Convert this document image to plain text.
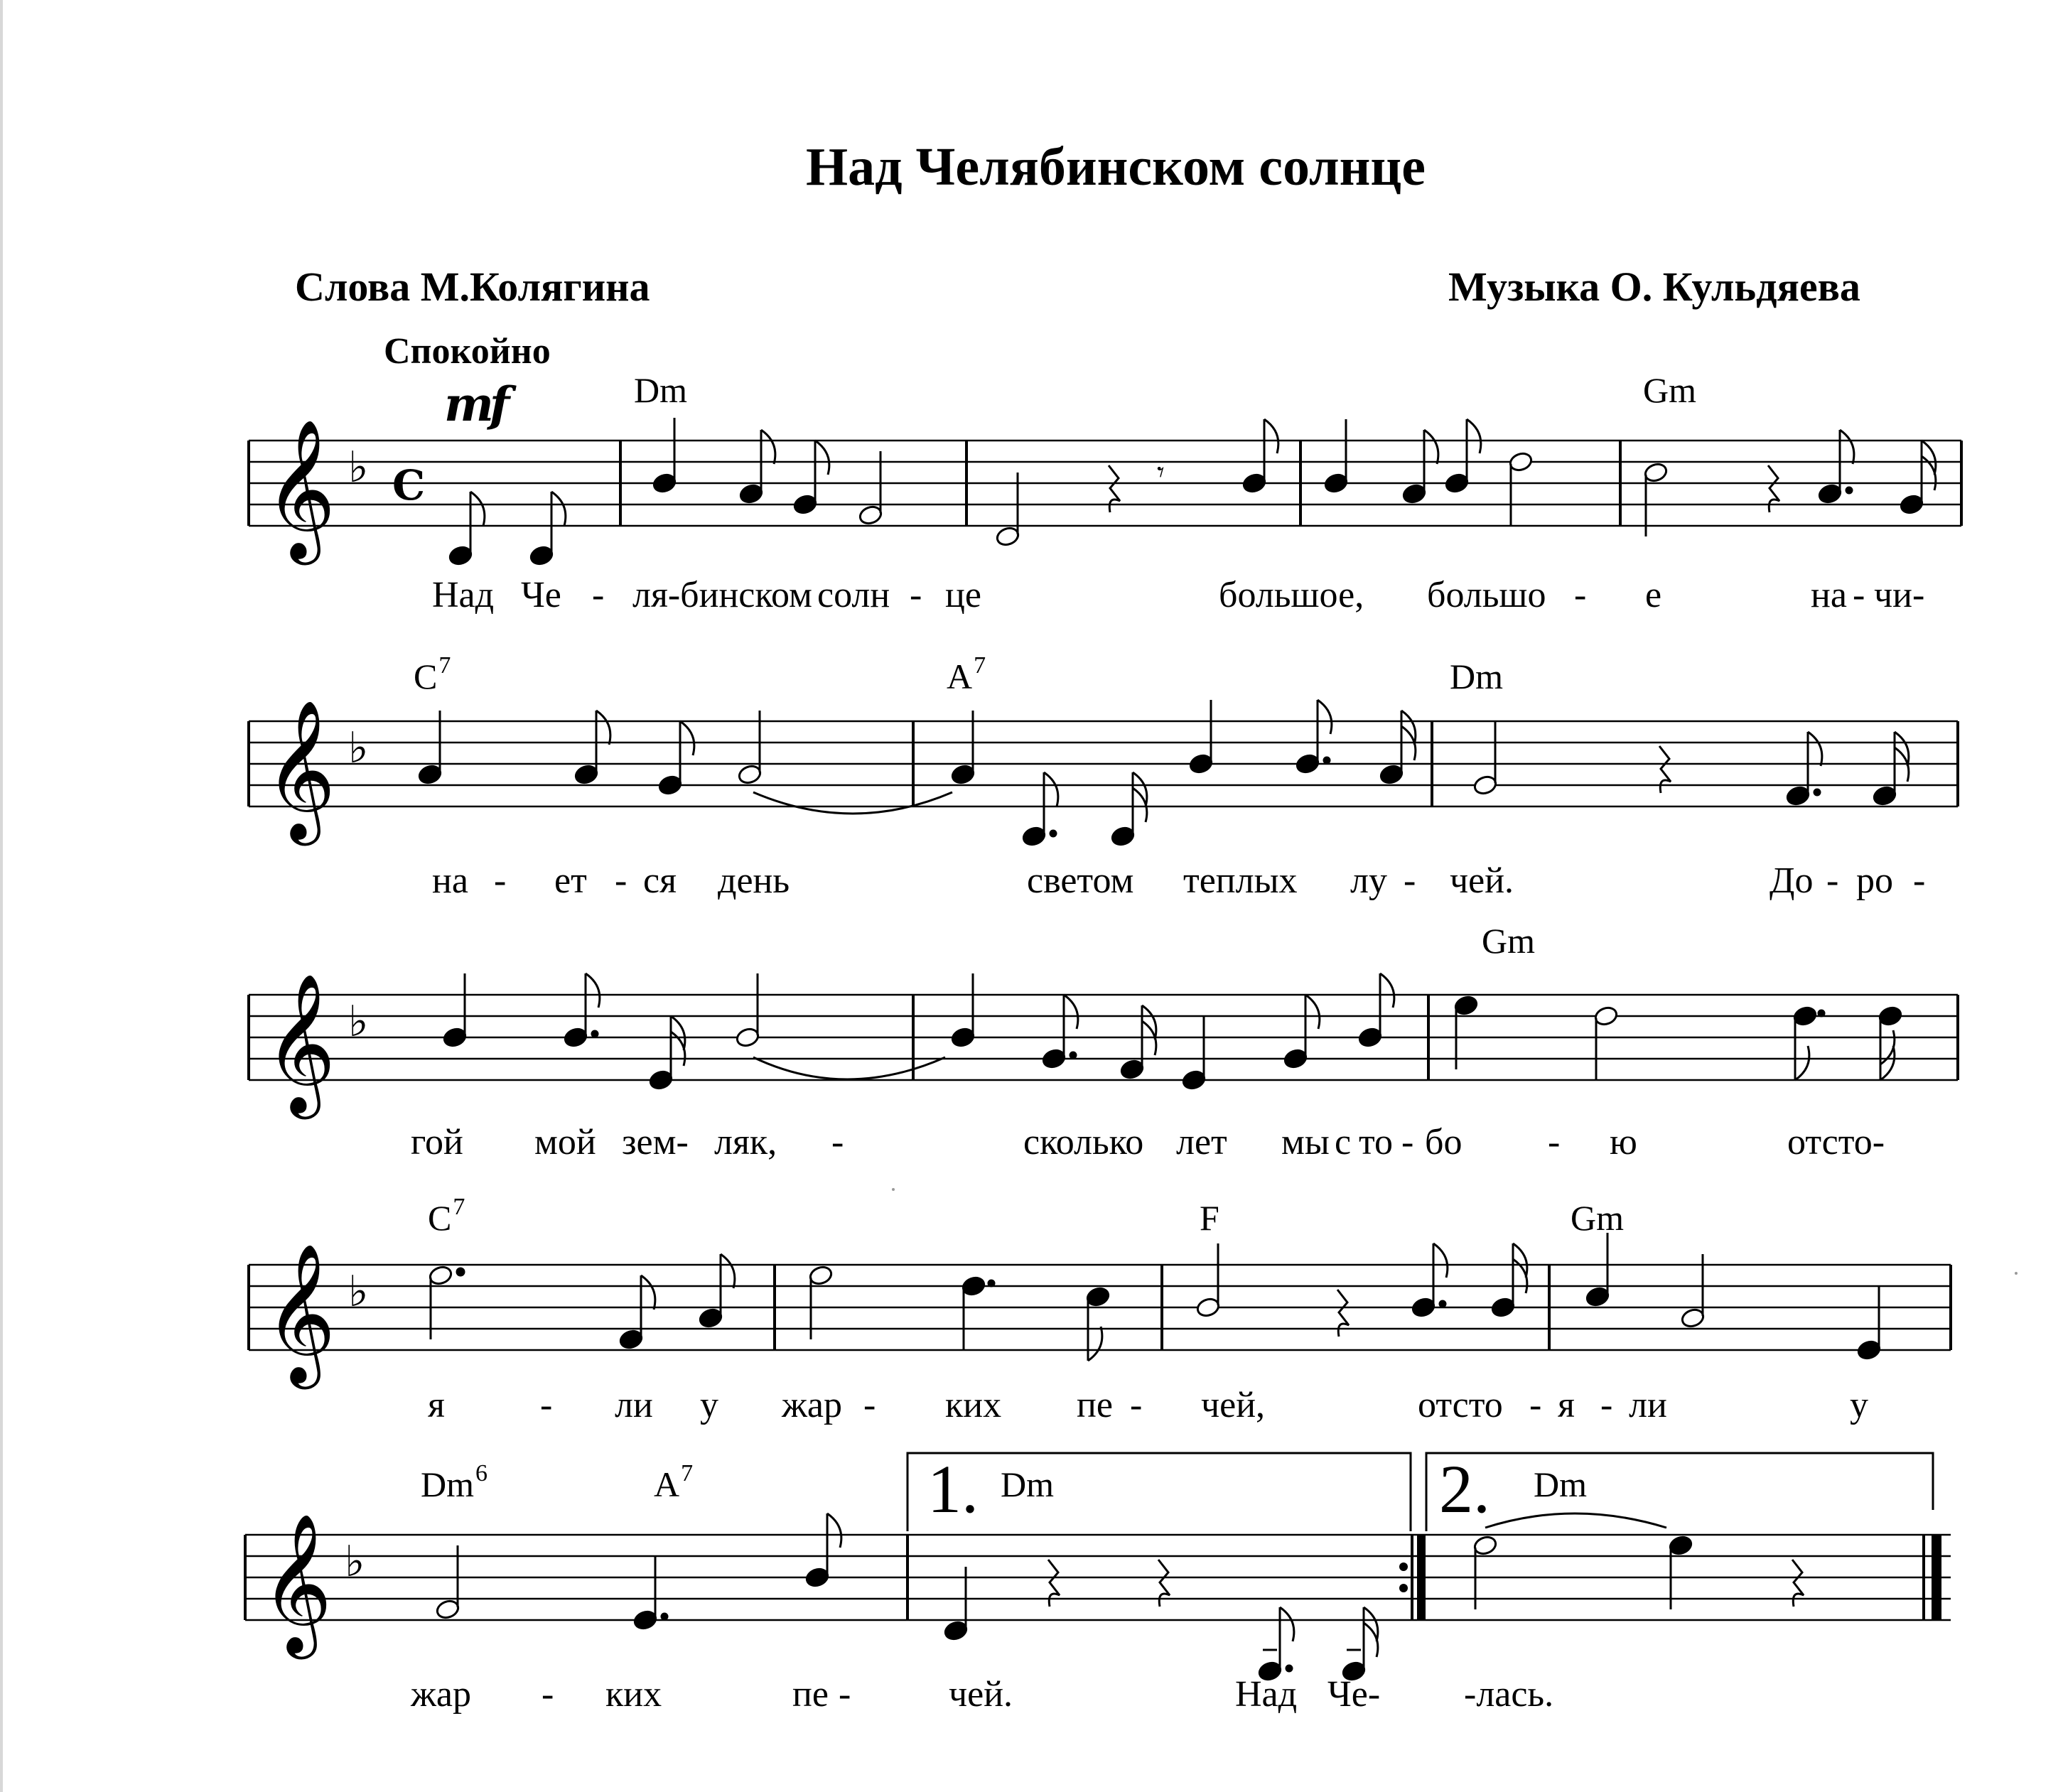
Над Челябинском солнце
Слова М.Колягина	Музыка О. Кульдяева
Спокойно
mf	Dm	Gm
𝄞 ♭ C	𝄾
Над Че - ля-бинском солн - це	большое, большо - е	на - чи-
$C^7$	$A^7$	Dm
𝄞 ♭
на - ет - ся день	светом теплых лу - чей.	До - ро -
Gm
𝄞 ♭
гой мой зем- ляк, -	сколько лет мы с то - бо - ю	отсто-
$C^7$	F	Gm
𝄞 ♭
я	- ли у жар - ких пе - чей,	отсто - я - ли	у
Dm$^6$	$A^7$	1. Dm	2. Dm
𝄞 ♭
жар - ких	пе -	чей.	Над Че- -лась.
